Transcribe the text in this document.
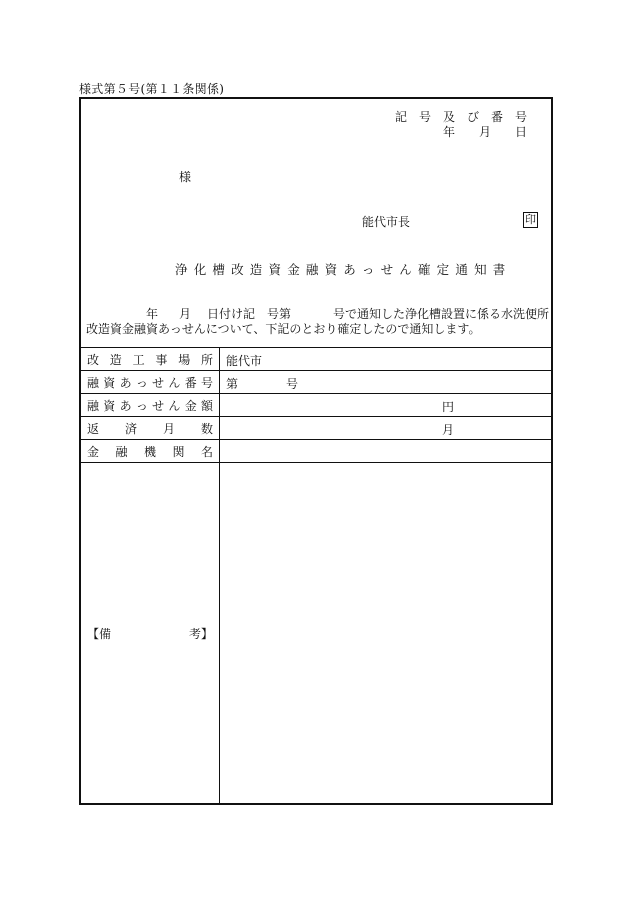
様式第５号(第１１条関係)
記 号 及 び 番 号
年 月 日
様
能代市長	印
浄化槽改造資金融資あっせん確定通知書
年 月 日付け記 号第	号で通知した浄化槽設置に係る水洗便所
改造資金融資あっせんについて、下記のとおり確定したので通知します。
改 造 工 事 場 所 能代市
融 資 あ っ せ ん 番 号 第	号
融 資 あ っ せ ん 金 額	円
返 済 月 数	月
金 融 機 関 名
【備	考】
